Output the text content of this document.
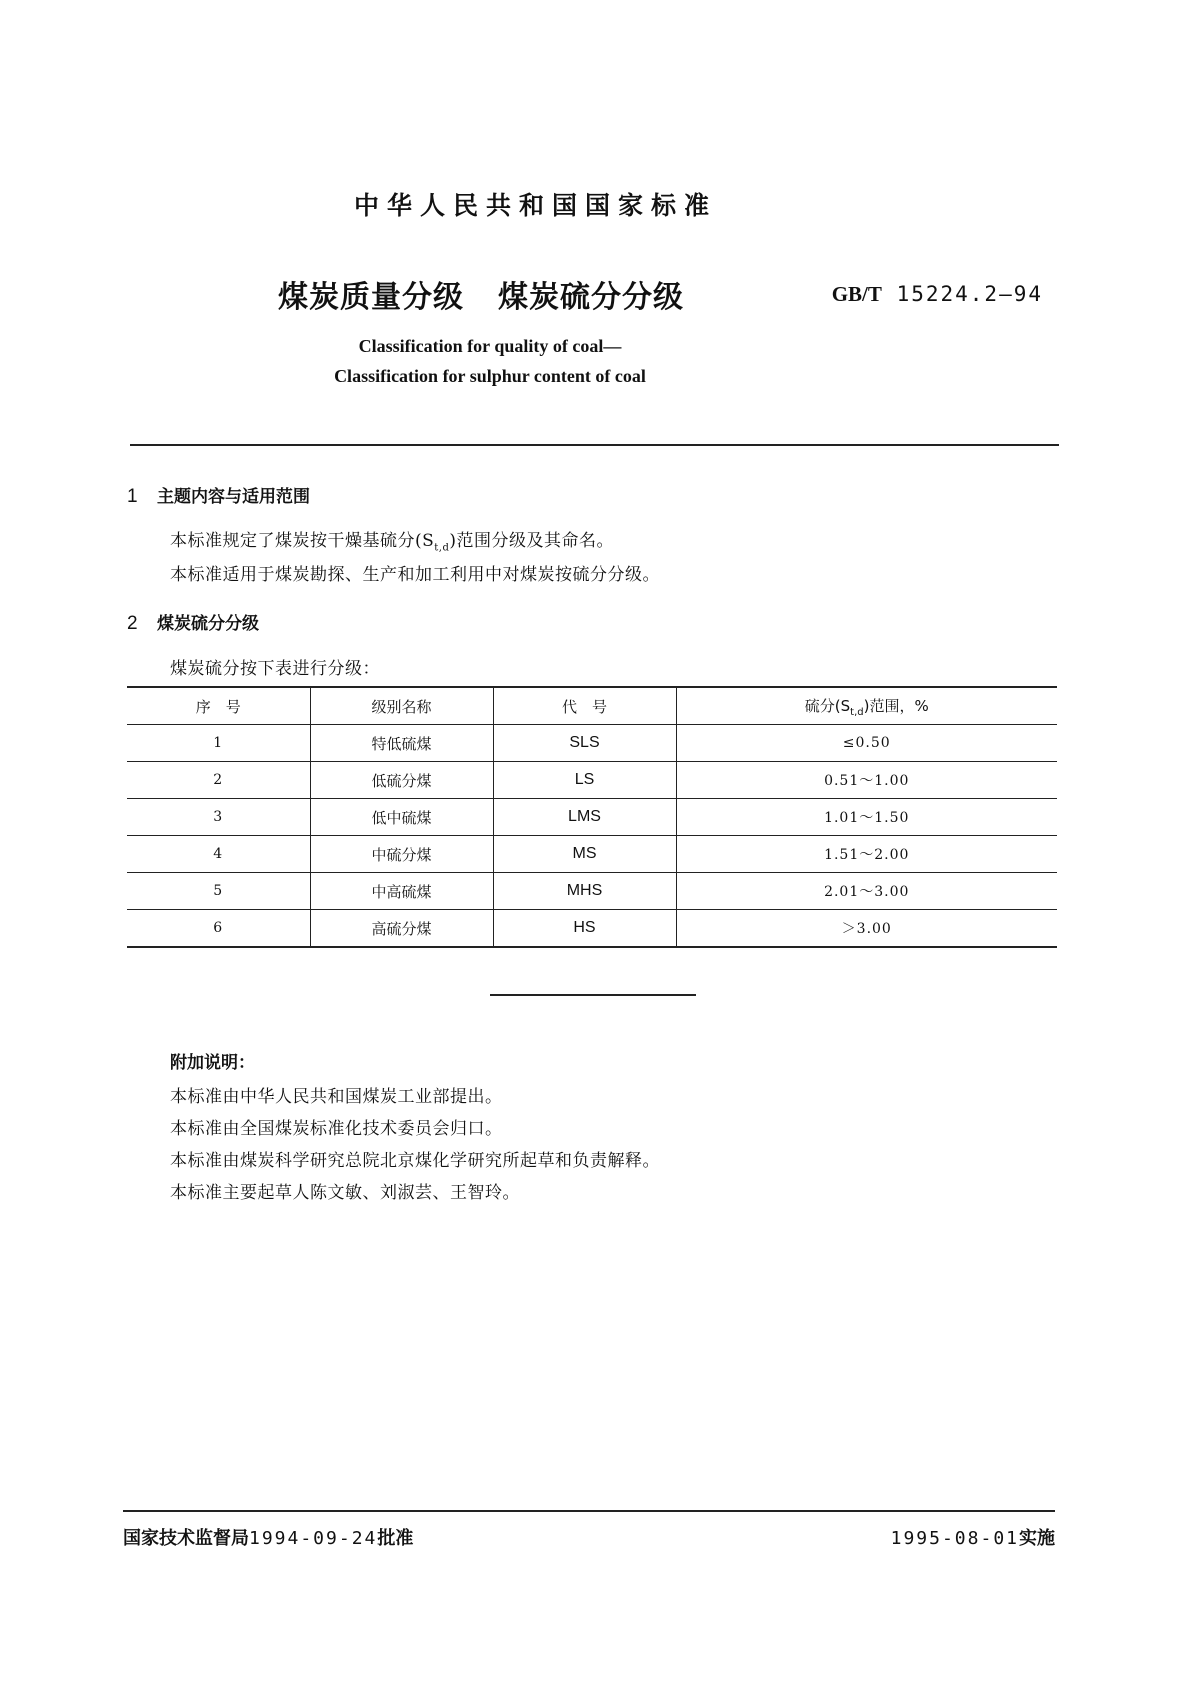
中华人民共和国国家标准
煤炭质量分级 煤炭硫分分级	GB/T 15224.2—94
Classification for quality of coal—
Classification for sulphur content of coal
1 主题内容与适用范围
本标准规定了煤炭按干燥基硫分$(S_{t,d})$范围分级及其命名。
本标准适用于煤炭勘探、生产和加工利用中对煤炭按硫分分级。
2 煤炭硫分分级
煤炭硫分按下表进行分级：
序　号	级别名称	代　号	硫分$(S_{t,d})$范围，%
1	特低硫煤	SLS	≤0.50
2	低硫分煤	LS	0.51～1.00
3	低中硫煤	LMS	1.01～1.50
4	中硫分煤	MS	1.51～2.00
5	中高硫煤	MHS	2.01～3.00
6	高硫分煤	HS	＞3.00
附加说明：
本标准由中华人民共和国煤炭工业部提出。
本标准由全国煤炭标准化技术委员会归口。
本标准由煤炭科学研究总院北京煤化学研究所起草和负责解释。
本标准主要起草人陈文敏、刘淑芸、王智玲。
国家技术监督局1994-09-24批准	1995-08-01实施
